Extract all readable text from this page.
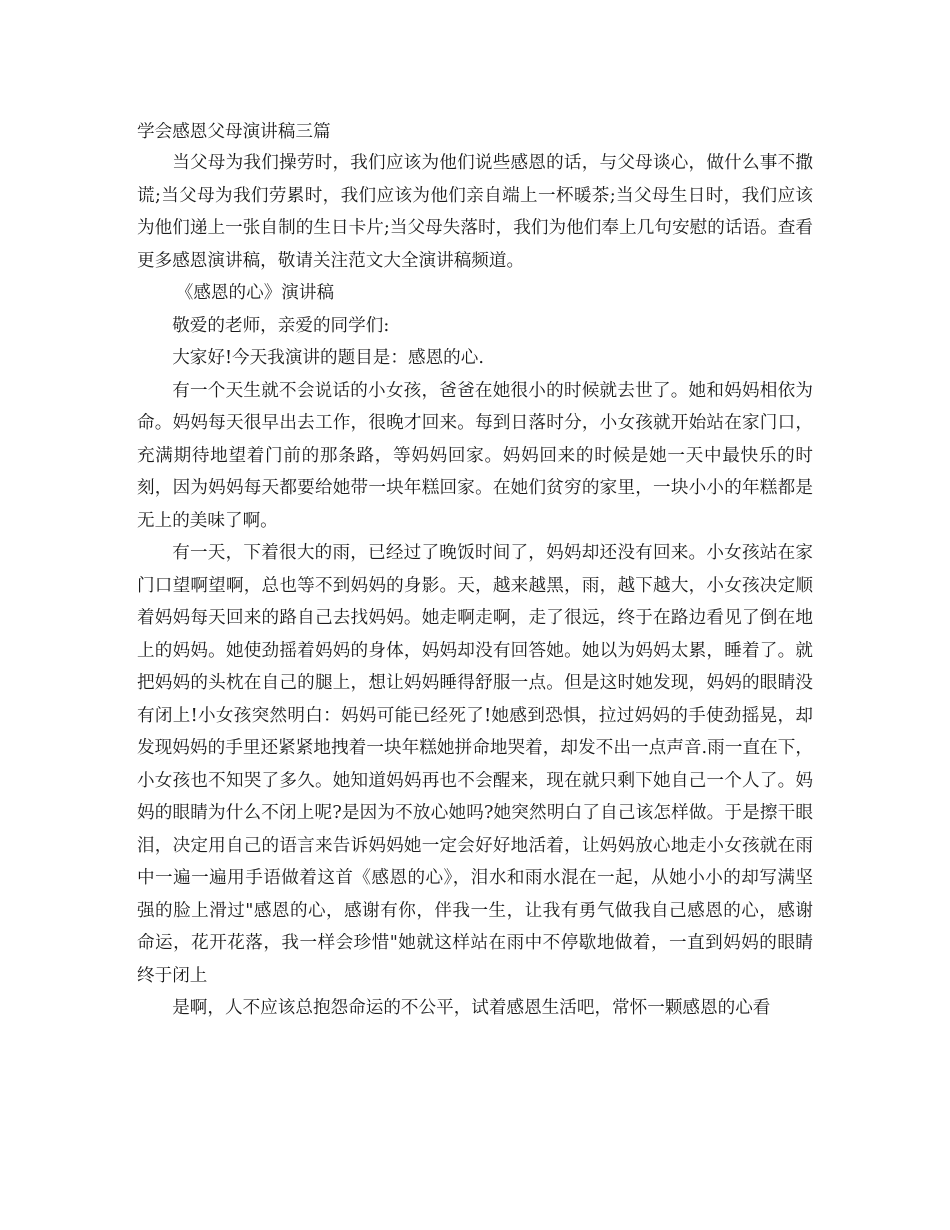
学会感恩父母演讲稿三篇

当父母为我们操劳时，我们应该为他们说些感恩的话，与父母谈心，做什么事不撒谎;当父母为我们劳累时，我们应该为他们亲自端上一杯暖茶;当父母生日时，我们应该为他们递上一张自制的生日卡片;当父母失落时，我们为他们奉上几句安慰的话语。查看更多感恩演讲稿，敬请关注范文大全演讲稿频道。

《感恩的心》演讲稿

敬爱的老师，亲爱的同学们:

大家好!今天我演讲的题目是：感恩的心.

有一个天生就不会说话的小女孩，爸爸在她很小的时候就去世了。她和妈妈相依为命。妈妈每天很早出去工作，很晚才回来。每到日落时分，小女孩就开始站在家门口，充满期待地望着门前的那条路，等妈妈回家。妈妈回来的时候是她一天中最快乐的时刻，因为妈妈每天都要给她带一块年糕回家。在她们贫穷的家里，一块小小的年糕都是无上的美味了啊。

有一天，下着很大的雨，已经过了晚饭时间了，妈妈却还没有回来。小女孩站在家门口望啊望啊，总也等不到妈妈的身影。天，越来越黑，雨，越下越大，小女孩决定顺着妈妈每天回来的路自己去找妈妈。她走啊走啊，走了很远，终于在路边看见了倒在地上的妈妈。她使劲摇着妈妈的身体，妈妈却没有回答她。她以为妈妈太累，睡着了。就把妈妈的头枕在自己的腿上，想让妈妈睡得舒服一点。但是这时她发现，妈妈的眼睛没有闭上!小女孩突然明白：妈妈可能已经死了!她感到恐惧，拉过妈妈的手使劲摇晃，却发现妈妈的手里还紧紧地拽着一块年糕她拼命地哭着，却发不出一点声音.雨一直在下，小女孩也不知哭了多久。她知道妈妈再也不会醒来，现在就只剩下她自己一个人了。妈妈的眼睛为什么不闭上呢?是因为不放心她吗?她突然明白了自己该怎样做。于是擦干眼泪，决定用自己的语言来告诉妈妈她一定会好好地活着，让妈妈放心地走小女孩就在雨中一遍一遍用手语做着这首《感恩的心》，泪水和雨水混在一起，从她小小的却写满坚强的脸上滑过"感恩的心，感谢有你，伴我一生，让我有勇气做我自己感恩的心，感谢命运，花开花落，我一样会珍惜"她就这样站在雨中不停歇地做着，一直到妈妈的眼睛终于闭上

是啊，人不应该总抱怨命运的不公平，试着感恩生活吧，常怀一颗感恩的心看
